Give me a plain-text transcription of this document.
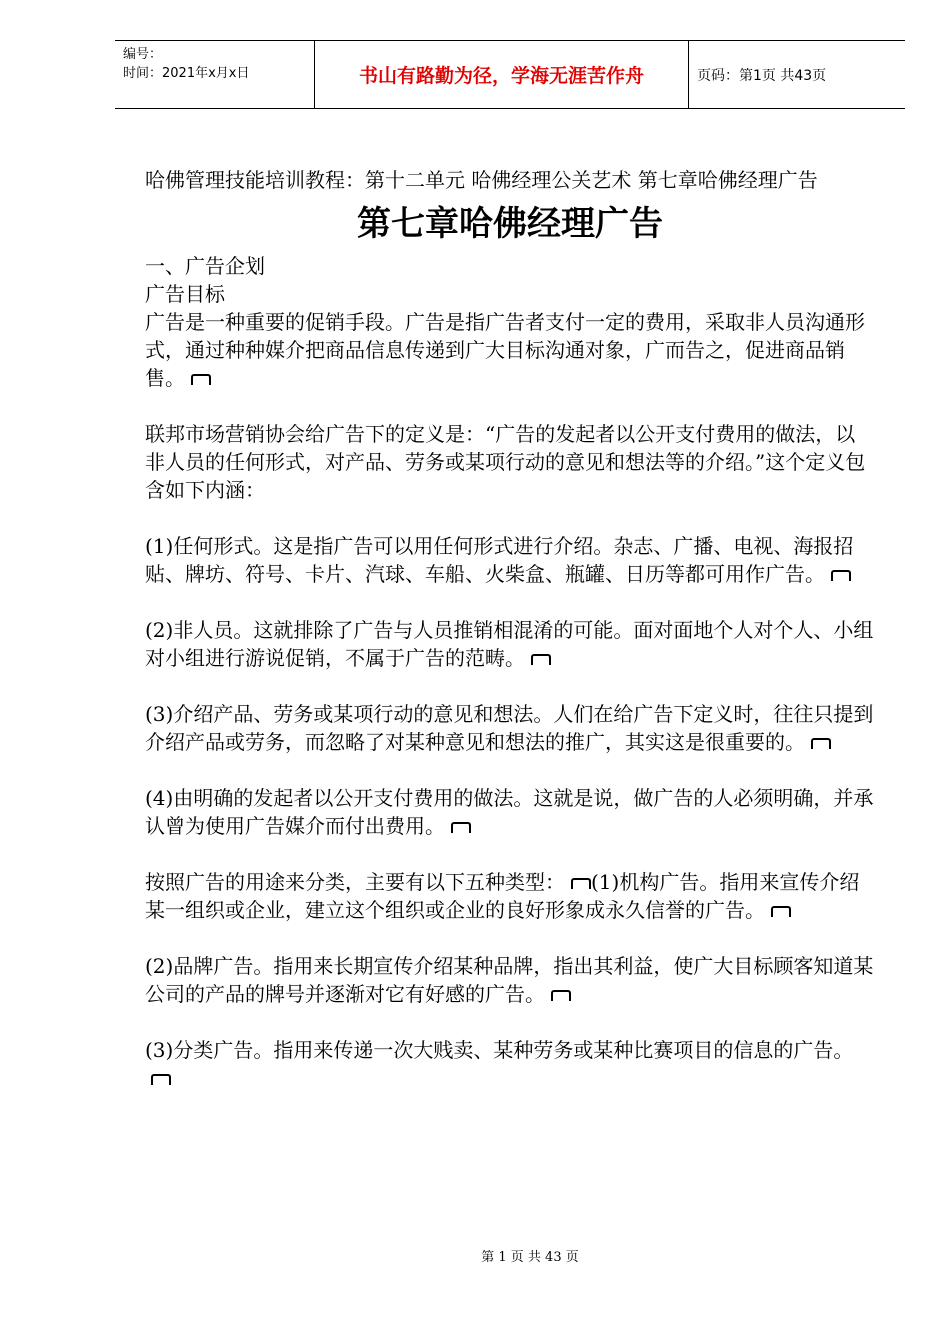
编号：
时间：2021年x月x日	书山有路勤为径，学海无涯苦作舟	页码：第1页 共43页

哈佛管理技能培训教程：第十二单元 哈佛经理公关艺术 第七章哈佛经理广告

第七章哈佛经理广告

一、广告企划

广告目标

广告是一种重要的促销手段。广告是指广告者支付一定的费用，采取非人员沟通形式，通过种种媒介把商品信息传递到广大目标沟通对象，广而告之，促进商品销售。

联邦市场营销协会给广告下的定义是：“广告的发起者以公开支付费用的做法，以非人员的任何形式，对产品、劳务或某项行动的意见和想法等的介绍。”这个定义包含如下内涵：

(1)任何形式。这是指广告可以用任何形式进行介绍。杂志、广播、电视、海报招贴、牌坊、符号、卡片、汽球、车船、火柴盒、瓶罐、日历等都可用作广告。

(2)非人员。这就排除了广告与人员推销相混淆的可能。面对面地个人对个人、小组对小组进行游说促销，不属于广告的范畴。

(3)介绍产品、劳务或某项行动的意见和想法。人们在给广告下定义时，往往只提到介绍产品或劳务，而忽略了对某种意见和想法的推广，其实这是很重要的。

(4)由明确的发起者以公开支付费用的做法。这就是说，做广告的人必须明确，并承认曾为使用广告媒介而付出费用。

按照广告的用途来分类，主要有以下五种类型： (1)机构广告。指用来宣传介绍某一组织或企业，建立这个组织或企业的良好形象成永久信誉的广告。

(2)品牌广告。指用来长期宣传介绍某种品牌，指出其利益，使广大目标顾客知道某公司的产品的牌号并逐渐对它有好感的广告。

(3)分类广告。指用来传递一次大贱卖、某种劳务或某种比赛项目的信息的广告。

第 1 页 共 43 页
